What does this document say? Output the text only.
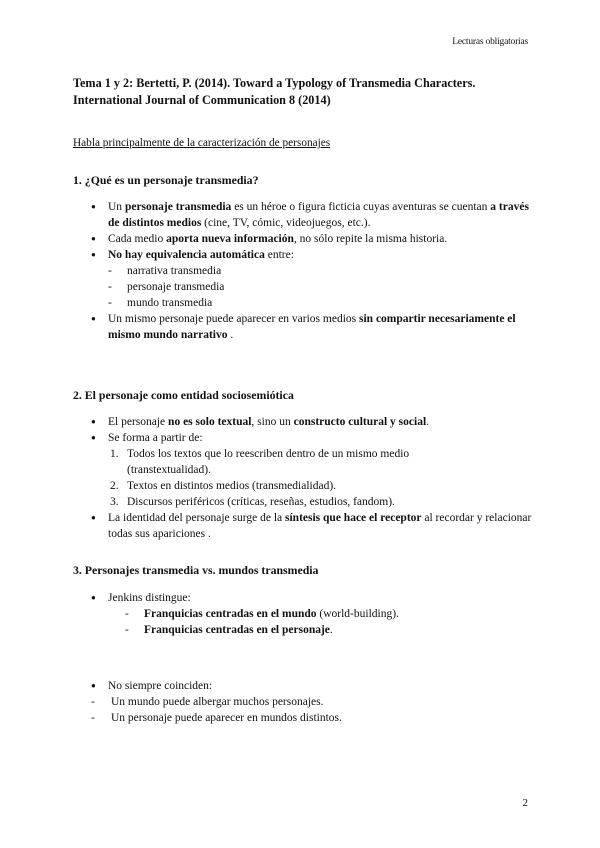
Lecturas obligatorias
Tema 1 y 2: Bertetti, P. (2014). Toward a Typology of Transmedia Characters. International Journal of Communication 8 (2014)
Habla principalmente de la caracterización de personajes
1. ¿Qué es un personaje transmedia?
● Un personaje transmedia es un héroe o figura ficticia cuyas aventuras se cuentan a través de distintos medios (cine, TV, cómic, videojuegos, etc.).
● Cada medio aporta nueva información, no sólo repite la misma historia.
● No hay equivalencia automática entre:
- narrativa transmedia
- personaje transmedia
- mundo transmedia
● Un mismo personaje puede aparecer en varios medios sin compartir necesariamente el mismo mundo narrativo .
2. El personaje como entidad sociosemiótica
● El personaje no es solo textual, sino un constructo cultural y social.
● Se forma a partir de:
1. Todos los textos que lo reescriben dentro de un mismo medio (transtextualidad).
2. Textos en distintos medios (transmedialidad).
3. Discursos periféricos (críticas, reseñas, estudios, fandom).
● La identidad del personaje surge de la síntesis que hace el receptor al recordar y relacionar todas sus apariciones .
3. Personajes transmedia vs. mundos transmedia
● Jenkins distingue:
- Franquicias centradas en el mundo (world-building).
- Franquicias centradas en el personaje.
● No siempre coinciden:
- Un mundo puede albergar muchos personajes.
- Un personaje puede aparecer en mundos distintos.
2
